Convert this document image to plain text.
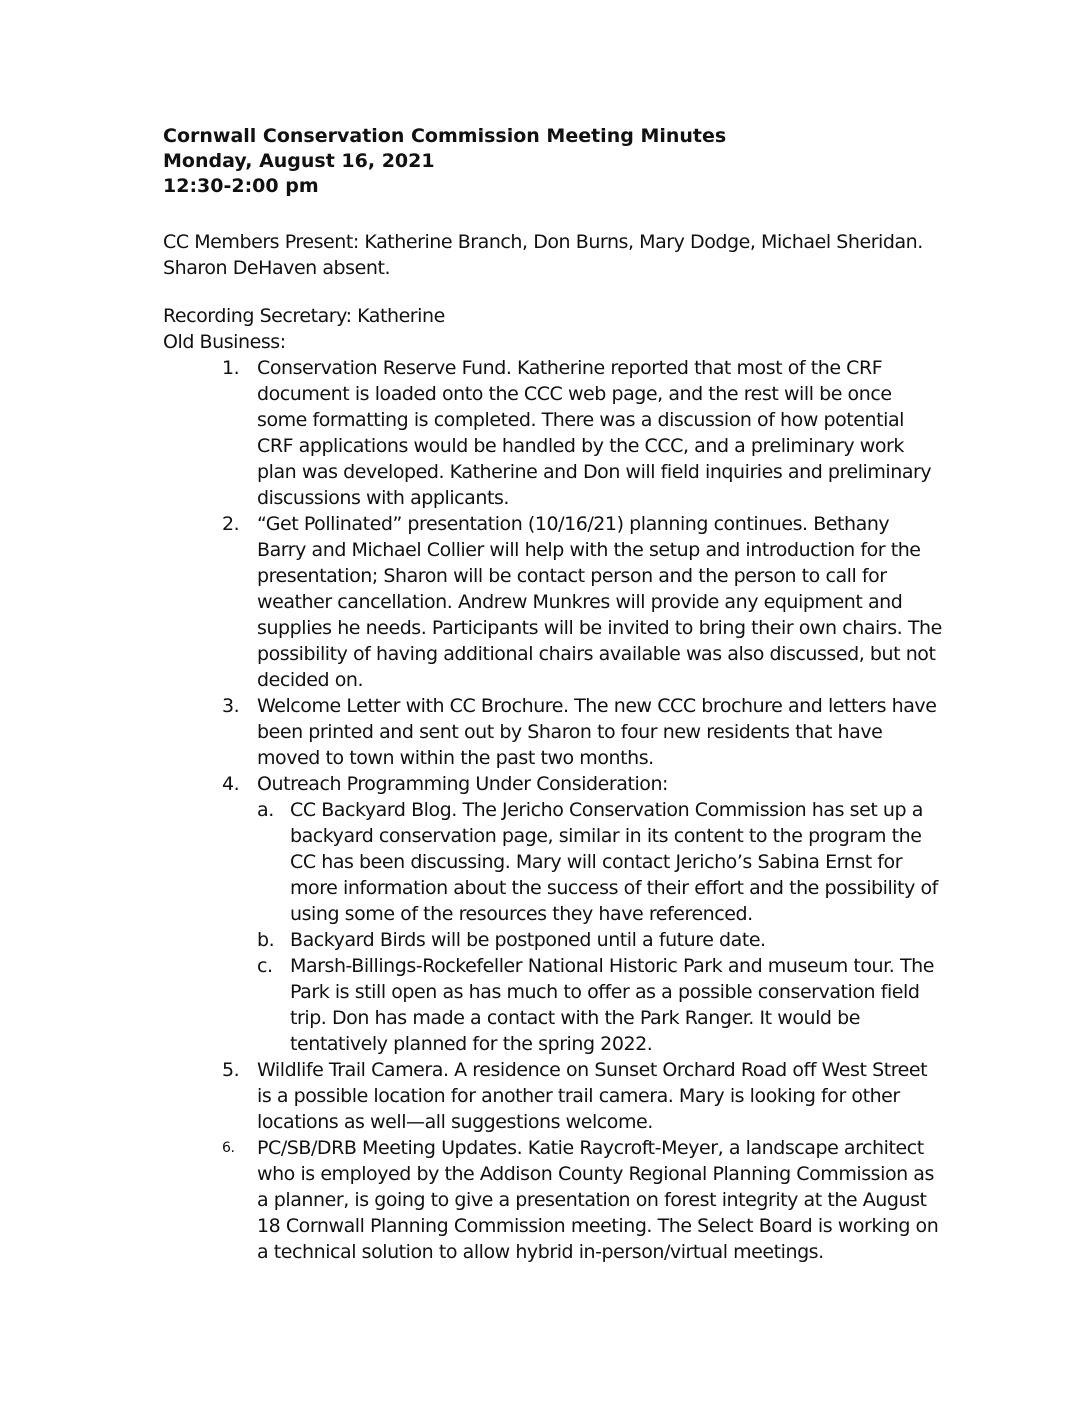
Cornwall Conservation Commission Meeting Minutes
Monday, August 16, 2021
12:30-2:00 pm
CC Members Present: Katherine Branch, Don Burns, Mary Dodge, Michael Sheridan. Sharon DeHaven absent.
Recording Secretary: Katherine
Old Business:
1. Conservation Reserve Fund. Katherine reported that most of the CRF document is loaded onto the CCC web page, and the rest will be once some formatting is completed. There was a discussion of how potential CRF applications would be handled by the CCC, and a preliminary work plan was developed. Katherine and Don will field inquiries and preliminary discussions with applicants.
2. “Get Pollinated” presentation (10/16/21) planning continues. Bethany Barry and Michael Collier will help with the setup and introduction for the presentation; Sharon will be contact person and the person to call for weather cancellation. Andrew Munkres will provide any equipment and supplies he needs. Participants will be invited to bring their own chairs. The possibility of having additional chairs available was also discussed, but not decided on.
3. Welcome Letter with CC Brochure. The new CCC brochure and letters have been printed and sent out by Sharon to four new residents that have moved to town within the past two months.
4. Outreach Programming Under Consideration:
a. CC Backyard Blog. The Jericho Conservation Commission has set up a backyard conservation page, similar in its content to the program the CC has been discussing. Mary will contact Jericho’s Sabina Ernst for more information about the success of their effort and the possibility of using some of the resources they have referenced.
b. Backyard Birds will be postponed until a future date.
c. Marsh-Billings-Rockefeller National Historic Park and museum tour. The Park is still open as has much to offer as a possible conservation field trip. Don has made a contact with the Park Ranger. It would be tentatively planned for the spring 2022.
5. Wildlife Trail Camera. A residence on Sunset Orchard Road off West Street is a possible location for another trail camera. Mary is looking for other locations as well—all suggestions welcome.
6.	PC/SB/DRB Meeting Updates. Katie Raycroft-Meyer, a landscape architect who is employed by the Addison County Regional Planning Commission as a planner, is going to give a presentation on forest integrity at the August 18 Cornwall Planning Commission meeting. The Select Board is working on a technical solution to allow hybrid in-person/virtual meetings.
